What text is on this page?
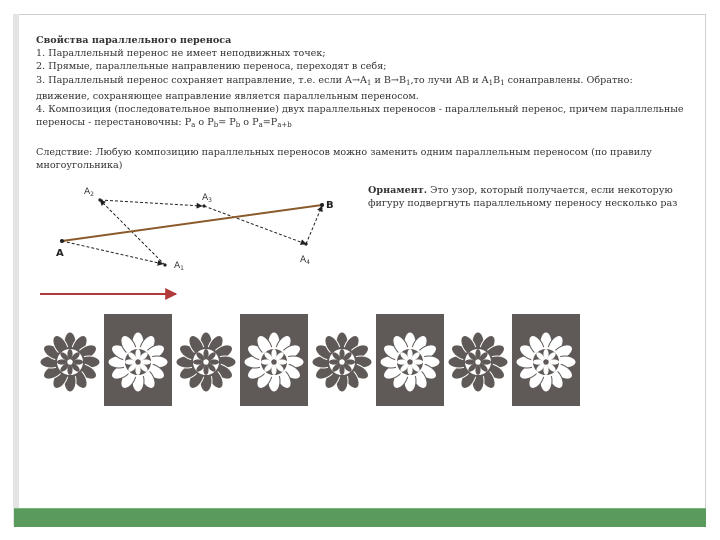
Свойства параллельного переноса
1. Параллельный перенос не имеет неподвижных точек;
2. Прямые, параллельные направлению переноса, переходят в себя;
3. Параллельный перенос сохраняет направление, т.е. если $A\to A_1$ и $B\to B_1,то$ лучи AB и $A_1B_1$ сонаправлены. Обратно:
движение, сохраняющее направление является параллельным переносом.
4. Композиция (последовательное выполнение) двух параллельных переносов - параллельный перенос, причем параллельные
переносы - перестановочны: $P_a$ o $P_b= P_b$ o $P_a=P_{a+b}$
Следствие: Любую композицию параллельных переносов можно заменить одним параллельным переносом (по правилу многоугольника)
Орнамент. Это узор, который получается, если некоторую фигуру подвергнуть параллельному переносу несколько раз
A
B
$A_1$
$A_2$	$A_3$
$A_4$
